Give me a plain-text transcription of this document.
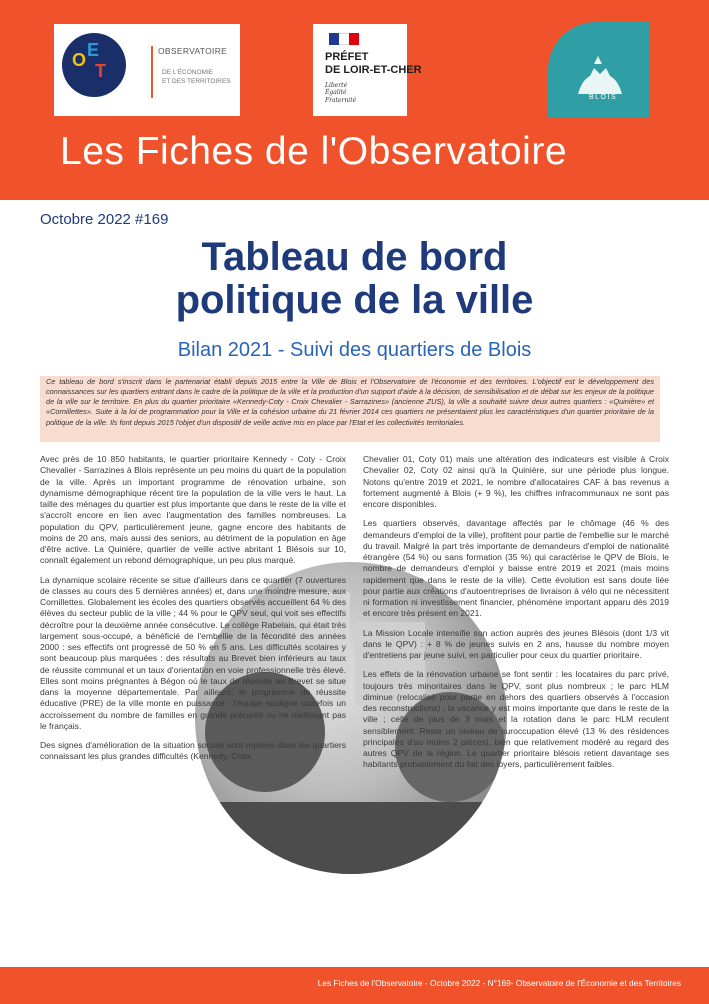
O E
T
OBSERVATOIRE
DE L'ÉCONOMIE
ET DES TERRITOIRES
PRÉFET
DE LOIR-ET-CHER
Liberté
Égalité
Fraternité	BLOIS
Les Fiches de l'Observatoire
Octobre 2022 #169
Tableau de bord
politique de la ville
Bilan 2021 - Suivi des quartiers de Blois
Ce tableau de bord s'inscrit dans le partenariat établi depuis 2015 entre la Ville de Blois et l'Observatoire de l'économie et des territoires. L'objectif est le développement des connaissances sur les quartiers entrant dans le cadre de la politique de la ville et la production d'un support d'aide à la décision, de sensibilisation et de débat sur les enjeux de la politique de la ville sur le territoire. En plus du quartier prioritaire «Kennedy-Coty - Croix Chevalier - Sarrazines» (ancienne ZUS), la ville a souhaité suivre deux autres quartiers : «Quinière» et «Cornillettes». Suite à la loi de programmation pour la Ville et la cohésion urbaine du 21 février 2014 ces quartiers ne présentaient plus les caractéristiques d'un quartier prioritaire de la politique de la ville. Ils font depuis 2015 l'objet d'un dispositif de veille active mis en place par l'Etat et les collectivités territoriales.

Avec près de 10 850 habitants, le quartier prioritaire Kennedy - Coty - Croix Chevalier - Sarrazines à Blois représente un peu moins du quart de la population de la ville. Après un important programme de rénovation urbaine, son dynamisme démographique récent tire la population de la ville vers le haut. La taille des ménages du quartier est plus importante que dans le reste de la ville et s'accroît encore en lien avec l'augmentation des familles nombreuses. La population du QPV, particulièrement jeune, gagne encore des habitants de moins de 20 ans, mais aussi des seniors, au détriment de la population en âge d'être active. La Quinière, quartier de veille active abritant 1 Blésois sur 10, connaît également un rebond démographique, un peu plus marqué.

La dynamique scolaire récente se situe d'ailleurs dans ce quartier (7 ouvertures de classes au cours des 5 dernières années) et, dans une moindre mesure, aux Cornillettes. Globalement les écoles des quartiers observés accueillent 64 % des élèves du secteur public de la ville ; 44 % pour le QPV seul, qui voit ses effectifs décroître pour la deuxième année consécutive. Le collège Rabelais, qui était très largement sous-occupé, a bénéficié de l'embellie de la fécondité des années 2000 : ses effectifs ont progressé de 50 % en 5 ans. Les difficultés scolaires y sont beaucoup plus marquées : des résultats au Brevet bien inférieurs au taux de réussite communal et un taux d'orientation en voie professionnelle très élevé. Elles sont moins prégnantes à Bégon où le taux de réussite au Brevet se situe dans la moyenne départementale. Par ailleurs, le programme de réussite éducative (PRE) de la ville monte en puissance ; l'équipe souligne toutefois un accroissement du nombre de familles en grande précarité ou ne maîtrisant pas le français.

Des signes d'amélioration de la situation sociale sont repérés dans les quartiers connaissant les plus grandes difficultés (Kennedy, Croix

Chevalier 01, Coty 01) mais une altération des indicateurs est visible à Croix Chevalier 02, Coty 02 ainsi qu'à la Quinière, sur une période plus longue. Notons qu'entre 2019 et 2021, le nombre d'allocataires CAF à bas revenus a fortement augmenté à Blois (+ 9 %), les chiffres infracommunaux ne sont pas encore disponibles.

Les quartiers observés, davantage affectés par le chômage (46 % des demandeurs d'emploi de la ville), profitent pour partie de l'embellie sur le marché du travail. Malgré la part très importante de demandeurs d'emploi de nationalité étrangère (54 %) ou sans formation (35 %) qui caractérise le QPV de Blois, le nombre de demandeurs d'emploi y baisse entre 2019 et 2021 (mais moins rapidement que dans le reste de la ville). Cette évolution est sans doute liée pour partie aux créations d'autoentreprises de livraison à vélo qui ne nécessitent ni formation ni investissement financier, phénomène important apparu dès 2019 et encore très présent en 2021.

La Mission Locale intensifie son action auprès des jeunes Blésois (dont 1/3 vit dans le QPV) : + 8 % de jeunes suivis en 2 ans, hausse du nombre moyen d'entretiens par jeune suivi, en particulier pour ceux du quartier prioritaire.

Les effets de la rénovation urbaine se font sentir : les locataires du parc privé, toujours très minoritaires dans le QPV, sont plus nombreux ; le parc HLM diminue (relocalisé pour partie en dehors des quartiers observés à l'occasion des reconstructions) ; la vacance y est moins importante que dans le reste de la ville ; celle de plus de 3 mois et la rotation dans le parc HLM reculent sensiblement. Reste un niveau de suroccupation élevé (13 % des résidences principales d'au moins 2 pièces), bien que relativement modéré au regard des autres QPV de la région. Le quartier prioritaire blésois retient davantage ses habitants probablement du fait des loyers, particulièrement faibles.

Les Fiches de l'Observatoire - Octobre 2022 - N°169- Observatoire de l'Économie et des Territoires
